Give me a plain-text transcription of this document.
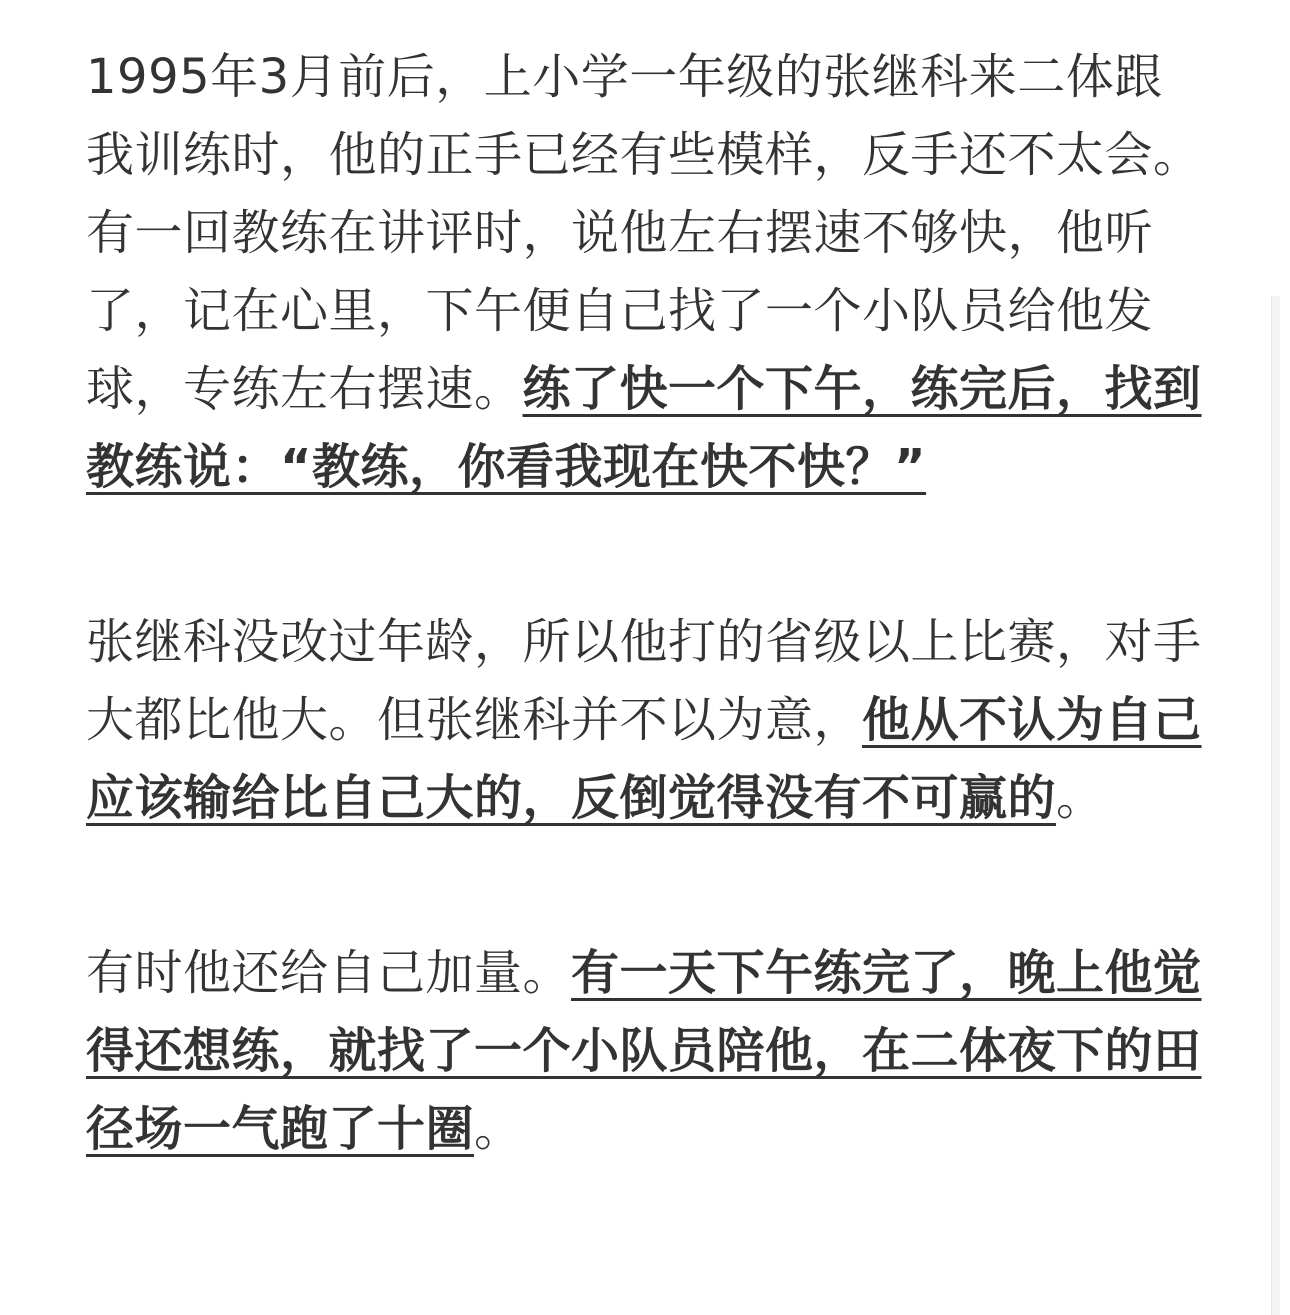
1995年3月前后，上小学一年级的张继科来二体跟我训练时，他的正手已经有些模样，反手还不太会。有一回教练在讲评时，说他左右摆速不够快，他听了，记在心里，下午便自己找了一个小队员给他发球，专练左右摆速。练了快一个下午，练完后，找到教练说：“教练，你看我现在快不快？”

张继科没改过年龄，所以他打的省级以上比赛，对手大都比他大。但张继科并不以为意，他从不认为自己应该输给比自己大的，反倒觉得没有不可赢的。

有时他还给自己加量。有一天下午练完了，晚上他觉得还想练，就找了一个小队员陪他，在二体夜下的田径场一气跑了十圈。
